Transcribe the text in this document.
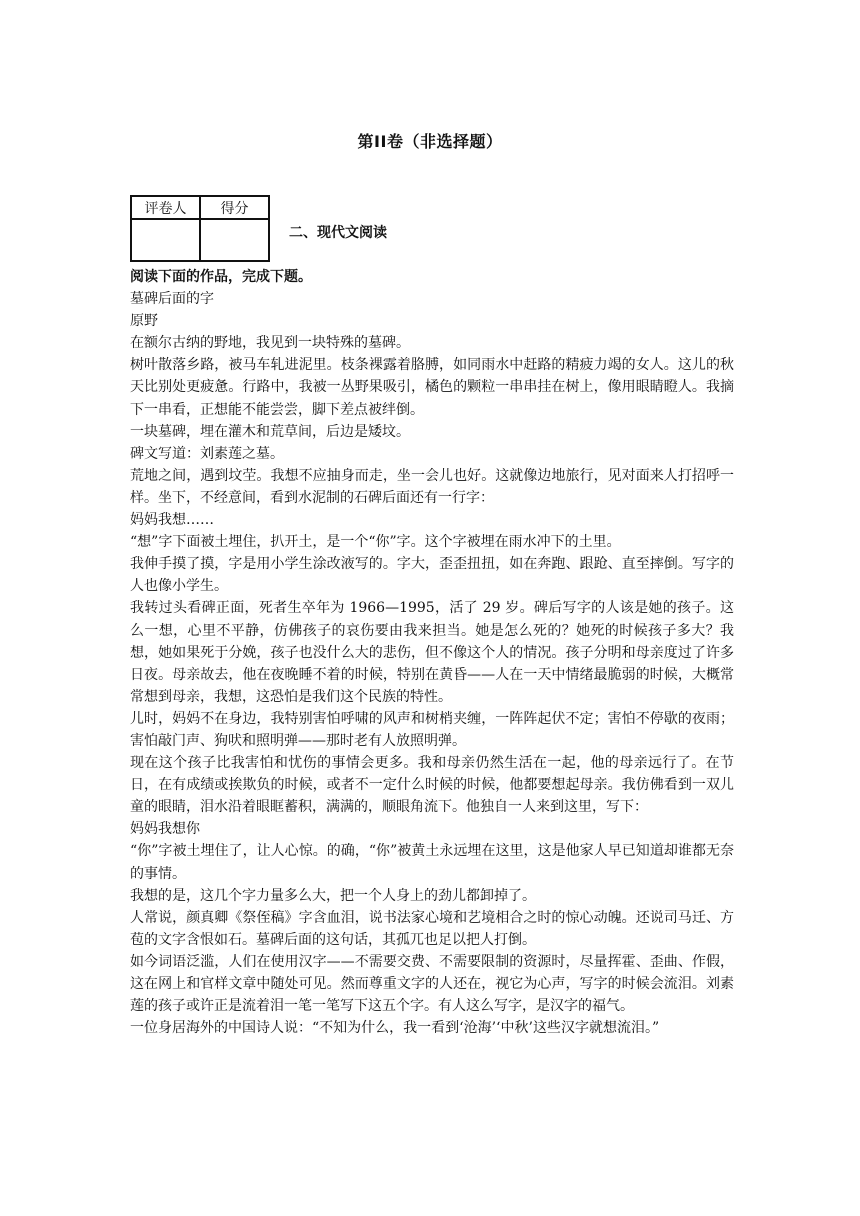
第II卷（非选择题）
评卷人	得分

二、现代文阅读

阅读下面的作品，完成下题。

墓碑后面的字

原野

在额尔古纳的野地，我见到一块特殊的墓碑。

树叶散落乡路，被马车轧进泥里。枝条裸露着胳膊，如同雨水中赶路的精疲力竭的女人。这儿的秋天比别处更疲惫。行路中，我被一丛野果吸引，橘色的颗粒一串串挂在树上，像用眼睛瞪人。我摘下一串看，正想能不能尝尝，脚下差点被绊倒。

一块墓碑，埋在灌木和荒草间，后边是矮坟。

碑文写道：刘素莲之墓。

荒地之间，遇到坟茔。我想不应抽身而走，坐一会儿也好。这就像边地旅行，见对面来人打招呼一样。坐下，不经意间，看到水泥制的石碑后面还有一行字：

妈妈我想……

“想”字下面被土埋住，扒开土，是一个“你”字。这个字被埋在雨水冲下的土里。

我伸手摸了摸，字是用小学生涂改液写的。字大，歪歪扭扭，如在奔跑、跟跄、直至摔倒。写字的人也像小学生。

我转过头看碑正面，死者生卒年为 1966—1995，活了 29 岁。碑后写字的人该是她的孩子。这么一想，心里不平静，仿佛孩子的哀伤要由我来担当。她是怎么死的？她死的时候孩子多大？我想，她如果死于分娩，孩子也没什么大的悲伤，但不像这个人的情况。孩子分明和母亲度过了许多日夜。母亲故去，他在夜晚睡不着的时候，特别在黄昏——人在一天中情绪最脆弱的时候，大概常常想到母亲，我想，这恐怕是我们这个民族的特性。

儿时，妈妈不在身边，我特别害怕呼啸的风声和树梢夹缠，一阵阵起伏不定；害怕不停歇的夜雨；害怕敲门声、狗吠和照明弹——那时老有人放照明弹。

现在这个孩子比我害怕和忧伤的事情会更多。我和母亲仍然生活在一起，他的母亲远行了。在节日，在有成绩或挨欺负的时候，或者不一定什么时候的时候，他都要想起母亲。我仿佛看到一双儿童的眼睛，泪水沿着眼眶蓄积，满满的，顺眼角流下。他独自一人来到这里，写下：

妈妈我想你

“你”字被土埋住了，让人心惊。的确，“你”被黄土永远埋在这里，这是他家人早已知道却谁都无奈的事情。

我想的是，这几个字力量多么大，把一个人身上的劲儿都卸掉了。

人常说，颜真卿《祭侄稿》字含血泪，说书法家心境和艺境相合之时的惊心动魄。还说司马迁、方苞的文字含恨如石。墓碑后面的这句话，其孤兀也足以把人打倒。

如今词语泛滥，人们在使用汉字——不需要交费、不需要限制的资源时，尽量挥霍、歪曲、作假，这在网上和官样文章中随处可见。然而尊重文字的人还在，视它为心声，写字的时候会流泪。刘素莲的孩子或许正是流着泪一笔一笔写下这五个字。有人这么写字，是汉字的福气。

一位身居海外的中国诗人说：“不知为什么，我一看到‘沧海’‘中秋’这些汉字就想流泪。”
